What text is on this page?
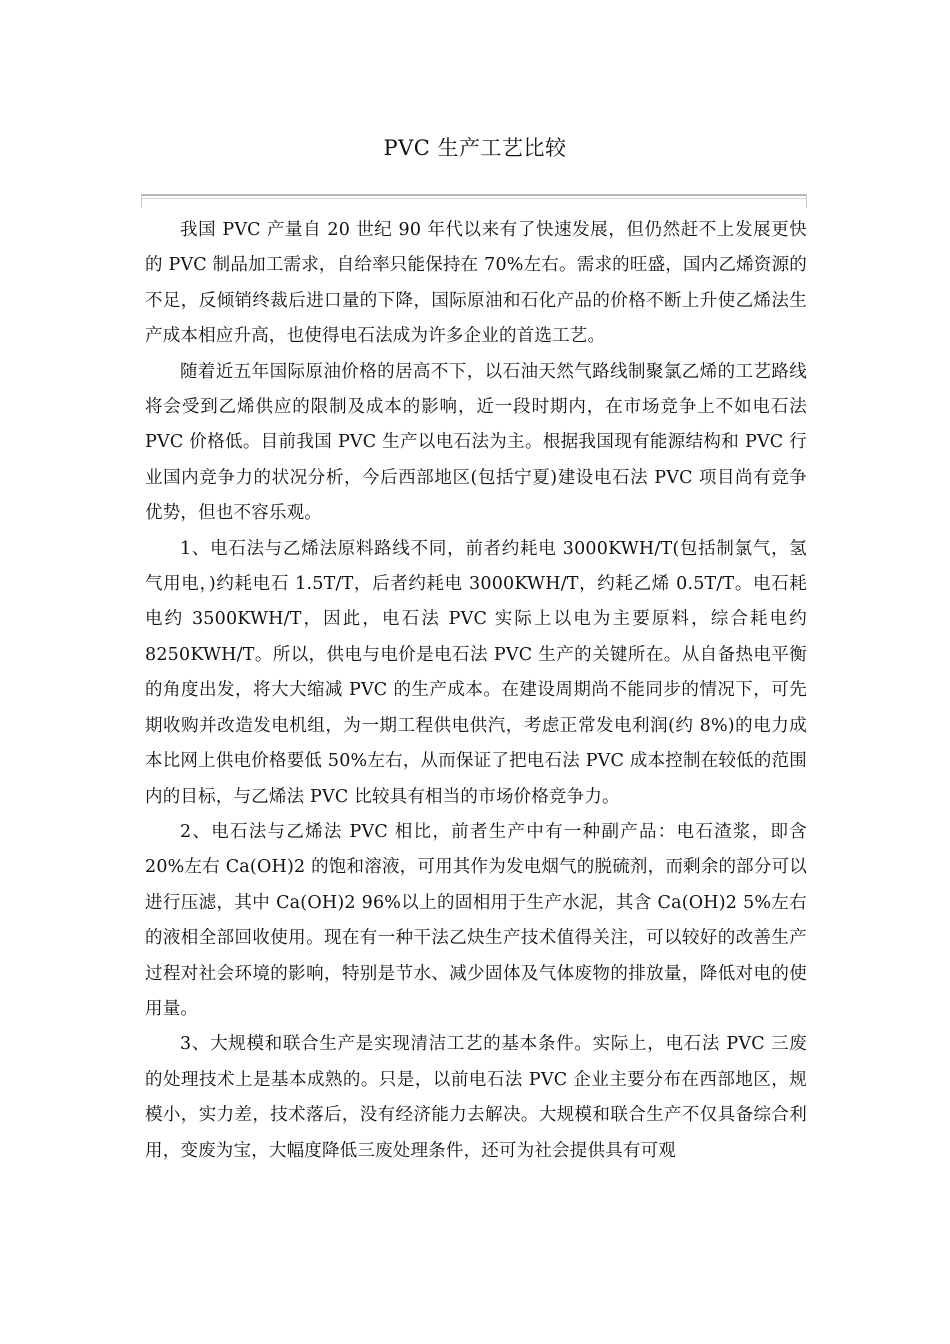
PVC 生产工艺比较

我国 PVC 产量自 20 世纪 90 年代以来有了快速发展，但仍然赶不上发展更快的 PVC 制品加工需求，自给率只能保持在 70%左右。需求的旺盛，国内乙烯资源的不足，反倾销终裁后进口量的下降，国际原油和石化产品的价格不断上升使乙烯法生产成本相应升高，也使得电石法成为许多企业的首选工艺。

随着近五年国际原油价格的居高不下，以石油天然气路线制聚氯乙烯的工艺路线将会受到乙烯供应的限制及成本的影响，近一段时期内，在市场竞争上不如电石法 PVC 价格低。目前我国 PVC 生产以电石法为主。根据我国现有能源结构和 PVC 行业国内竞争力的状况分析，今后西部地区(包括宁夏)建设电石法 PVC 项目尚有竞争优势，但也不容乐观。

1、电石法与乙烯法原料路线不同，前者约耗电 3000KWH/T(包括制氯气，氢气用电，)约耗电石 1.5T/T，后者约耗电 3000KWH/T，约耗乙烯 0.5T/T。电石耗电约 3500KWH/T，因此，电石法 PVC 实际上以电为主要原料，综合耗电约 8250KWH/T。所以，供电与电价是电石法 PVC 生产的关键所在。从自备热电平衡的角度出发，将大大缩减 PVC 的生产成本。在建设周期尚不能同步的情况下，可先期收购并改造发电机组，为一期工程供电供汽，考虑正常发电利润(约 8%)的电力成本比网上供电价格要低 50%左右，从而保证了把电石法 PVC 成本控制在较低的范围内的目标，与乙烯法 PVC 比较具有相当的市场价格竞争力。

2、电石法与乙烯法 PVC 相比，前者生产中有一种副产品：电石渣浆，即含 20%左右 Ca(OH)2 的饱和溶液，可用其作为发电烟气的脱硫剂，而剩余的部分可以进行压滤，其中 Ca(OH)2 96%以上的固相用于生产水泥，其含 Ca(OH)2 5%左右的液相全部回收使用。现在有一种干法乙炔生产技术值得关注，可以较好的改善生产过程对社会环境的影响，特别是节水、减少固体及气体废物的排放量，降低对电的使用量。

3、大规模和联合生产是实现清洁工艺的基本条件。实际上，电石法 PVC 三废的处理技术上是基本成熟的。只是，以前电石法 PVC 企业主要分布在西部地区，规模小，实力差，技术落后，没有经济能力去解决。大规模和联合生产不仅具备综合利用，变废为宝，大幅度降低三废处理条件，还可为社会提供具有可观
